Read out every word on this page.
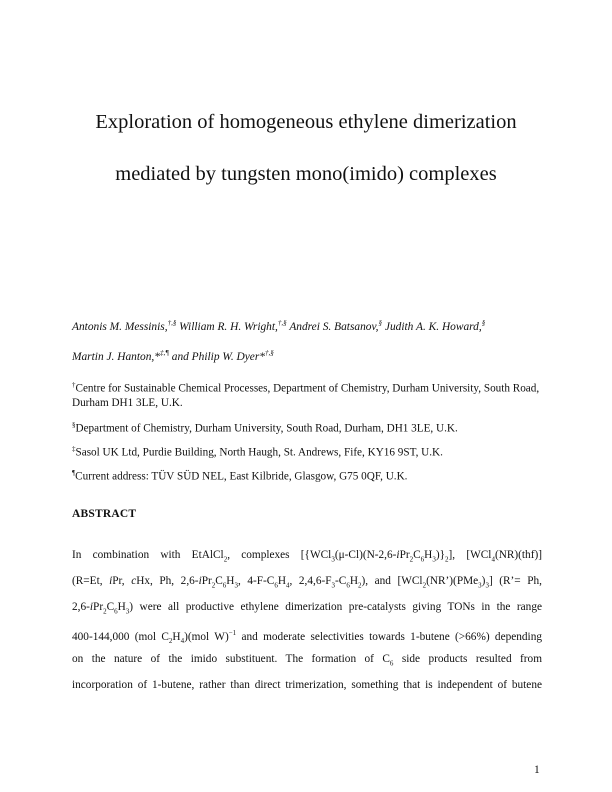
Exploration of homogeneous ethylene dimerization
mediated by tungsten mono(imido) complexes
Antonis M. Messinis,†,§ William R. H. Wright,†,§ Andrei S. Batsanov,§ Judith A. K. Howard,§
Martin J. Hanton,*‡,¶ and Philip W. Dyer*†,§
†Centre for Sustainable Chemical Processes, Department of Chemistry, Durham University, South Road, Durham DH1 3LE, U.K.
§Department of Chemistry, Durham University, South Road, Durham, DH1 3LE, U.K.
‡Sasol UK Ltd, Purdie Building, North Haugh, St. Andrews, Fife, KY16 9ST, U.K.
¶Current address: TÜV SÜD NEL, East Kilbride, Glasgow, G75 0QF, U.K.
ABSTRACT
In combination with EtAlCl$_2$, complexes $[\{WCl_3(\mu-Cl)(N-2,6-iPr_2C_6H_3)\}_2]$, [WCl$_4$(NR)(thf)]
(R=Et, iPr, cHx, Ph, $2,6-iPr_2C_6H_3$, $4-F-C_6H_4$, $2,4,6-F_3-C_6H_2$), and $[WCl_2(NR’)(PMe_3)_3]$ (R’= Ph,
$2,6-iPr_2C_6H_3$) were all productive ethylene dimerization pre-catalysts giving TONs in the range
400-144,000 (mol $C_2H_4)(mol$ W)$^{-1}$ and moderate selectivities towards 1-butene (>66%) depending
on the nature of the imido substituent. The formation of $C_6$ side products resulted from
incorporation of 1-butene, rather than direct trimerization, something that is independent of butene
1
